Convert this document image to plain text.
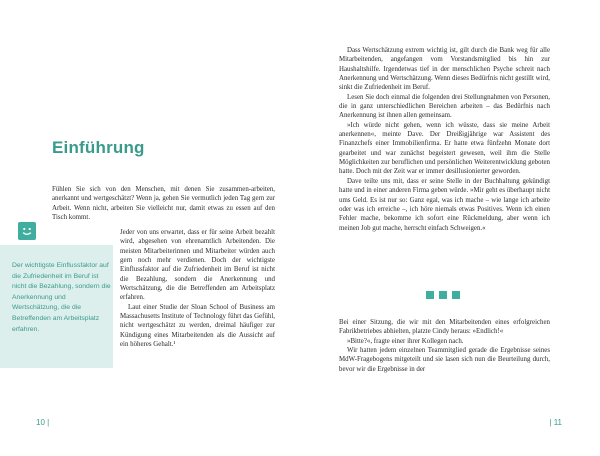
Einführung

Fühlen Sie sich von den Menschen, mit denen Sie zusammen-arbeiten, anerkannt und wertgeschätzt? Wenn ja, gehen Sie vermutlich jeden Tag gern zur Arbeit. Wenn nicht, arbeiten Sie vielleicht nur, damit etwas zu essen auf den Tisch kommt.

Der wichtigste Einflussfaktor auf die Zufriedenheit im Beruf ist nicht die Bezahlung, sondern die Anerkennung und Wertschätzung, die die Betreffenden am Arbeitsplatz erfahren.

Jeder von uns erwartet, dass er für seine Arbeit bezahlt wird, abgesehen von ehrenamtlich Arbeitenden. Die meisten Mitarbeiterinnen und Mitarbeiter würden auch gern noch mehr verdienen. Doch der wichtigste Einflussfaktor auf die Zufriedenheit im Beruf ist nicht die Bezahlung, sondern die Anerkennung und Wertschätzung, die die Betreffenden am Arbeitsplatz erfahren.

Laut einer Studie der Sloan School of Business am Massachusetts Institute of Technology führt das Gefühl, nicht wertgeschätzt zu werden, dreimal häufiger zur Kündigung eines Mitarbeitenden als die Aussicht auf ein höheres Gehalt.¹

10 |

Dass Wertschätzung extrem wichtig ist, gilt durch die Bank weg für alle Mitarbeitenden, angefangen vom Vorstandsmitglied bis hin zur Haushaltshilfe. Irgendetwas tief in der menschlichen Psyche schreit nach Anerkennung und Wertschätzung. Wenn dieses Bedürfnis nicht gestillt wird, sinkt die Zufriedenheit im Beruf.

Lesen Sie doch einmal die folgenden drei Stellungnahmen von Personen, die in ganz unterschiedlichen Bereichen arbeiten – das Bedürfnis nach Anerkennung ist ihnen allen gemeinsam.

»Ich würde nicht gehen, wenn ich wüsste, dass sie meine Arbeit anerkennen«, meinte Dave. Der Dreißigjährige war Assistent des Finanzchefs einer Immobilienfirma. Er hatte etwa fünfzehn Monate dort gearbeitet und war zunächst begeistert gewesen, weil ihm die Stelle Möglichkeiten zur beruflichen und persönlichen Weiterentwicklung geboten hatte. Doch mit der Zeit war er immer desillusionierter geworden.

Dave teilte uns mit, dass er seine Stelle in der Buchhaltung gekündigt hatte und in einer anderen Firma geben würde. »Mir geht es überhaupt nicht ums Geld. Es ist nur so: Ganz egal, was ich mache – wie lange ich arbeite oder was ich erreiche –, ich höre niemals etwas Positives. Wenn ich einen Fehler mache, bekomme ich sofort eine Rückmeldung, aber wenn ich meinen Job gut mache, herrscht einfach Schweigen.«

Bei einer Sitzung, die wir mit den Mitarbeitenden eines erfolgreichen Fabrikbetriebes abhielten, platzte Cindy heraus: »Endlich!«

»Bitte?«, fragte einer ihrer Kollegen nach.

Wir hatten jedem einzelnen Teammitglied gerade die Ergebnisse seines MdW-Fragebogens mitgeteilt und sie lasen sich nun die Beurteilung durch, bevor wir die Ergebnisse in der

| 11
